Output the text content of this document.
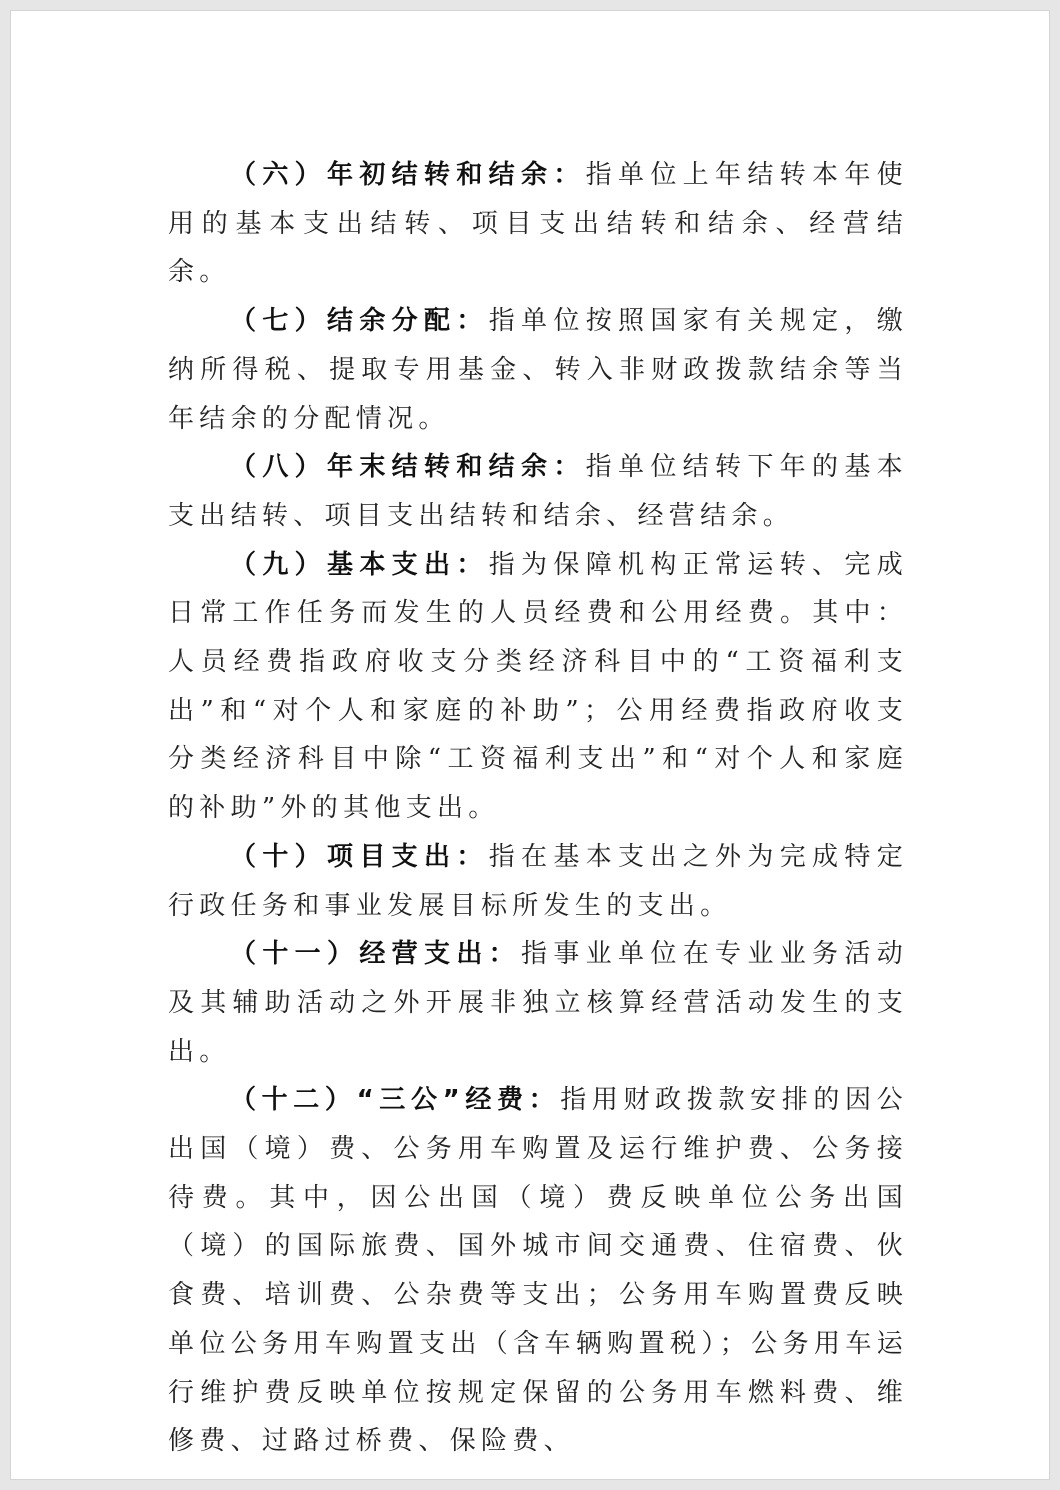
（六）年初结转和结余：指单位上年结转本年使用的基本支出结转、项目支出结转和结余、经营结余。

（七）结余分配：指单位按照国家有关规定，缴纳所得税、提取专用基金、转入非财政拨款结余等当年结余的分配情况。

（八）年末结转和结余：指单位结转下年的基本支出结转、项目支出结转和结余、经营结余。

（九）基本支出：指为保障机构正常运转、完成日常工作任务而发生的人员经费和公用经费。其中：人员经费指政府收支分类经济科目中的“工资福利支出”和“对个人和家庭的补助”；公用经费指政府收支分类经济科目中除“工资福利支出”和“对个人和家庭的补助”外的其他支出。

（十）项目支出：指在基本支出之外为完成特定行政任务和事业发展目标所发生的支出。

（十一）经营支出：指事业单位在专业业务活动及其辅助活动之外开展非独立核算经营活动发生的支出。

（十二）“三公”经费：指用财政拨款安排的因公出国（境）费、公务用车购置及运行维护费、公务接待费。其中，因公出国（境）费反映单位公务出国（境）的国际旅费、国外城市间交通费、住宿费、伙食费、培训费、公杂费等支出；公务用车购置费反映单位公务用车购置支出（含车辆购置税）；公务用车运行维护费反映单位按规定保留的公务用车燃料费、维修费、过路过桥费、保险费、
